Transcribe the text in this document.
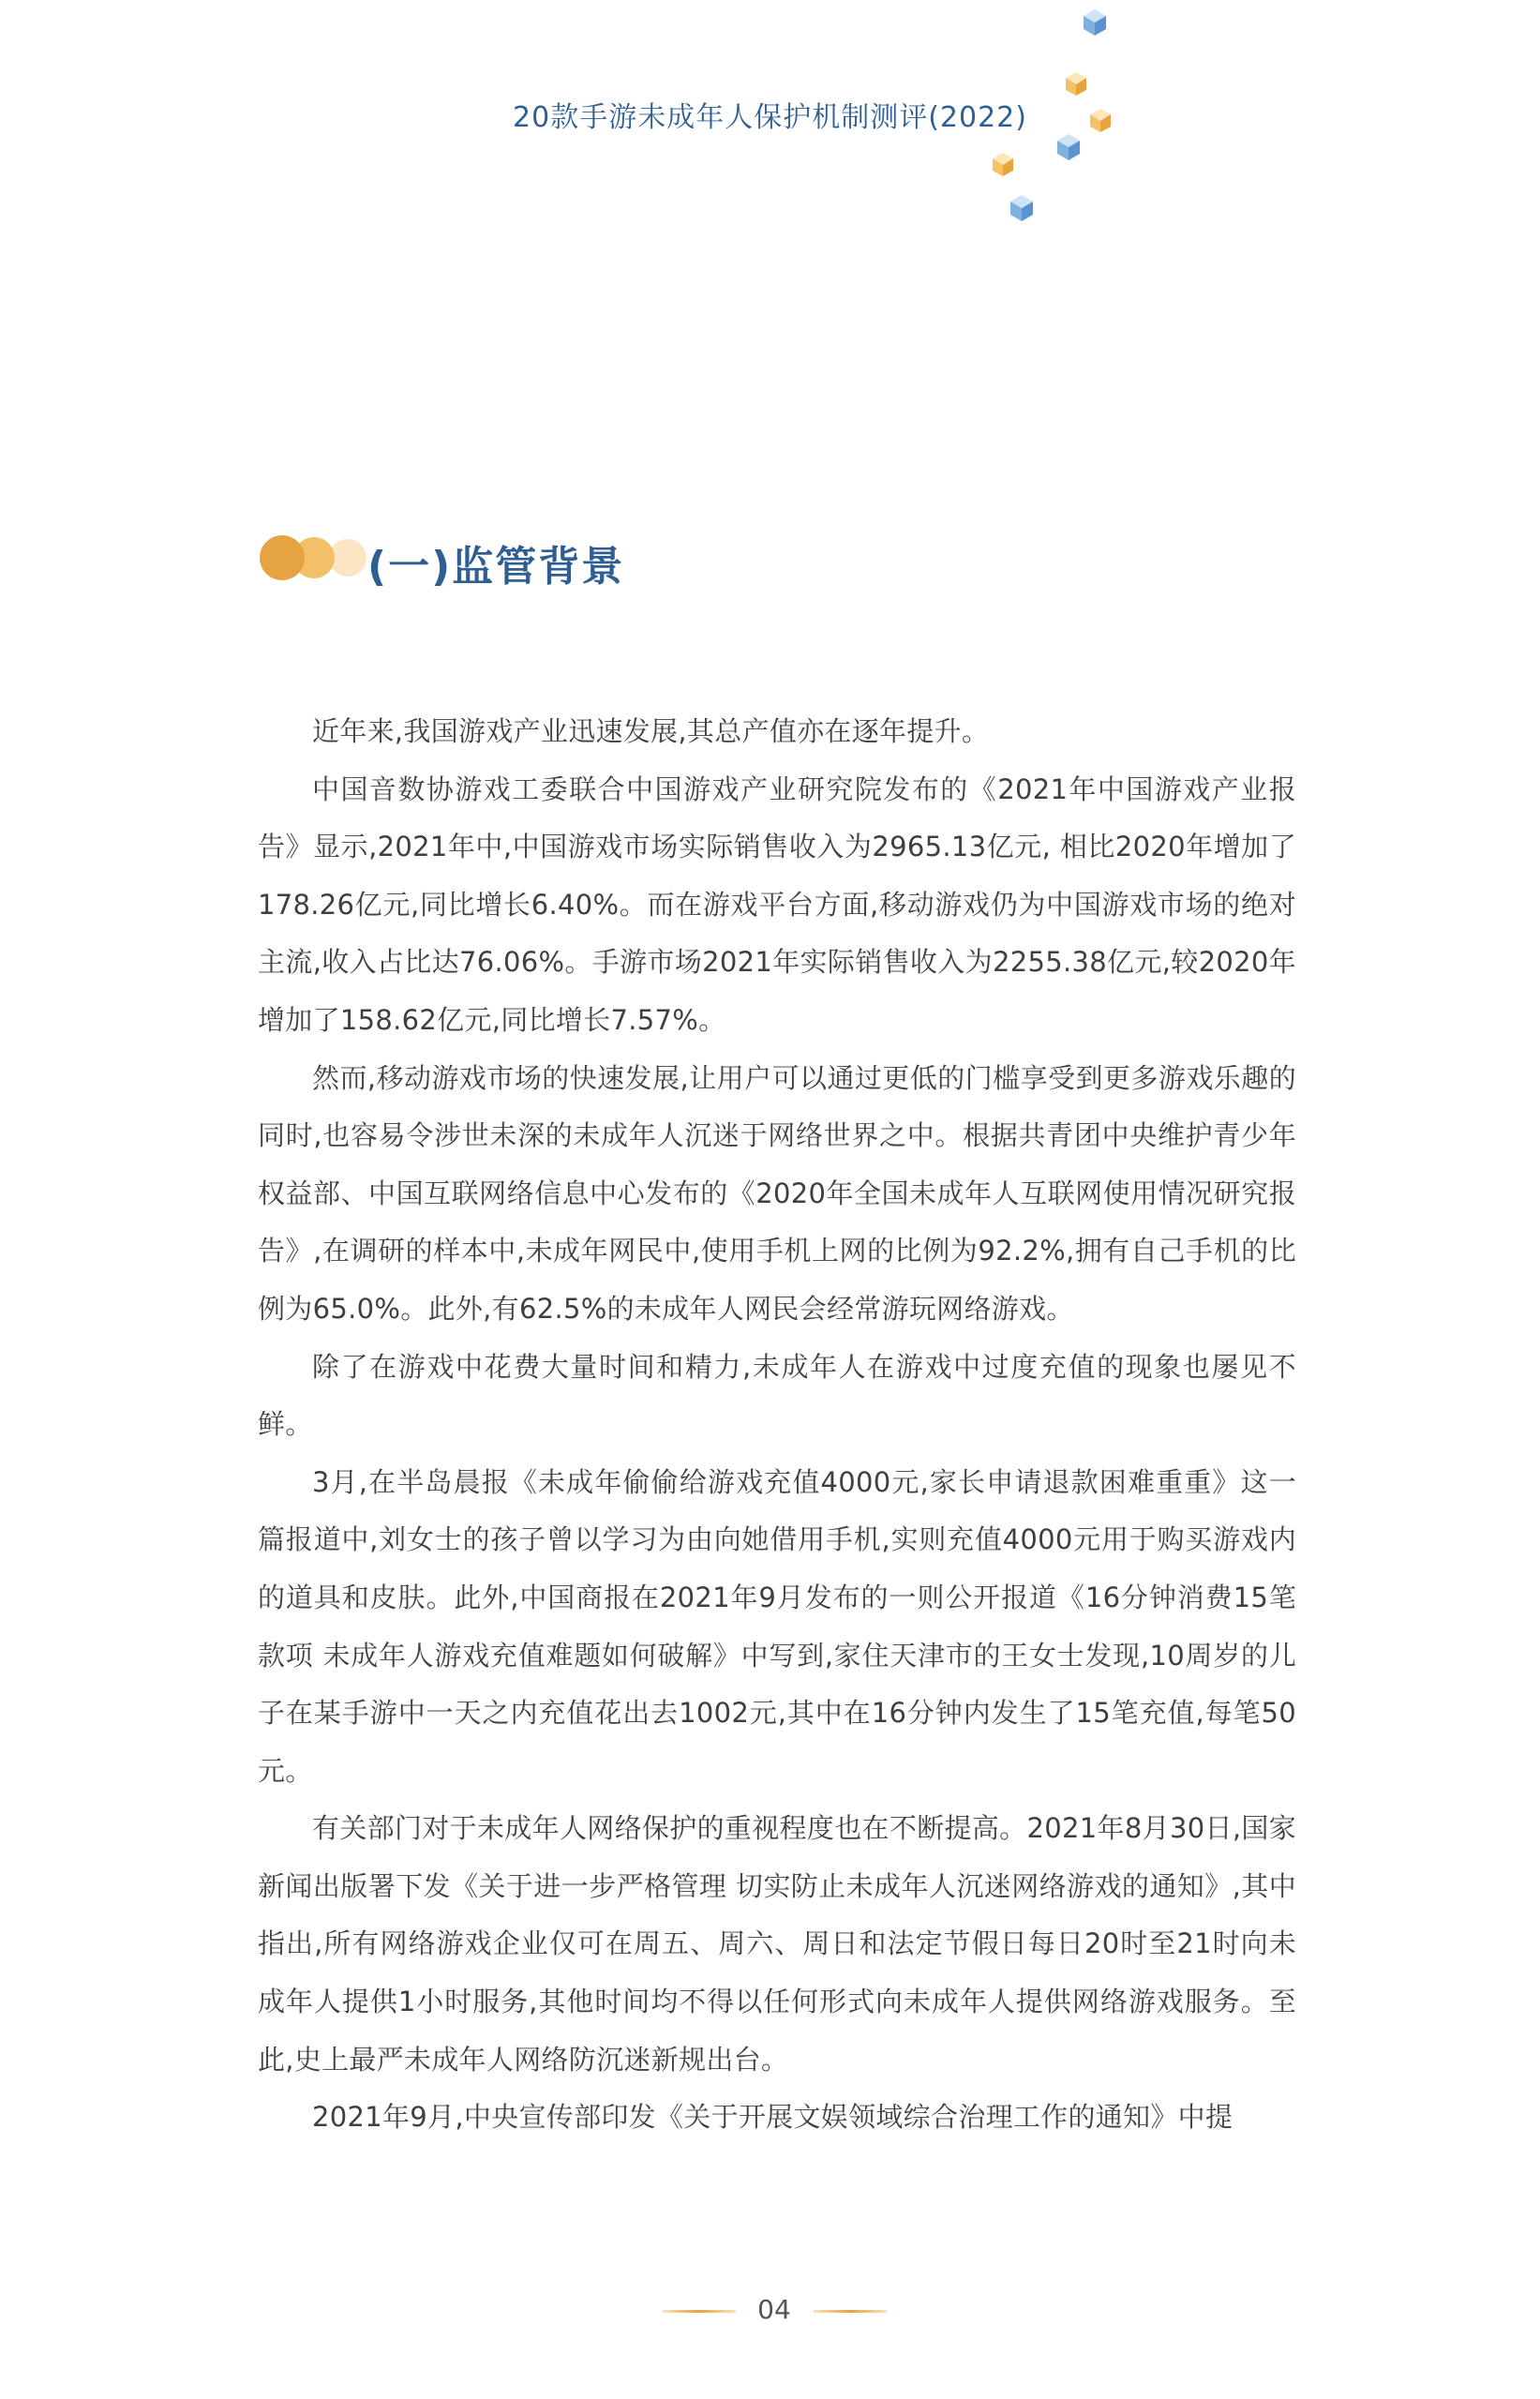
20款手游未成年人保护机制测评(2022)
(一)监管背景

近年来,我国游戏产业迅速发展,其总产值亦在逐年提升。

中国音数协游戏工委联合中国游戏产业研究院发布的《2021年中国游戏产业报告》显示,2021年中,中国游戏市场实际销售收入为2965.13亿元, 相比2020年增加了178.26亿元,同比增长6.40%。而在游戏平台方面,移动游戏仍为中国游戏市场的绝对主流,收入占比达76.06%。手游市场2021年实际销售收入为2255.38亿元,较2020年增加了158.62亿元,同比增长7.57%。

然而,移动游戏市场的快速发展,让用户可以通过更低的门槛享受到更多游戏乐趣的同时,也容易令涉世未深的未成年人沉迷于网络世界之中。根据共青团中央维护青少年权益部、中国互联网络信息中心发布的《2020年全国未成年人互联网使用情况研究报告》,在调研的样本中,未成年网民中,使用手机上网的比例为92.2%,拥有自己手机的比例为65.0%。此外,有62.5%的未成年人网民会经常游玩网络游戏。

除了在游戏中花费大量时间和精力,未成年人在游戏中过度充值的现象也屡见不鲜。

3月,在半岛晨报《未成年偷偷给游戏充值4000元,家长申请退款困难重重》这一篇报道中,刘女士的孩子曾以学习为由向她借用手机,实则充值4000元用于购买游戏内的道具和皮肤。此外,中国商报在2021年9月发布的一则公开报道《16分钟消费15笔款项 未成年人游戏充值难题如何破解》中写到,家住天津市的王女士发现,10周岁的儿子在某手游中一天之内充值花出去1002元,其中在16分钟内发生了15笔充值,每笔50元。

有关部门对于未成年人网络保护的重视程度也在不断提高。2021年8月30日,国家新闻出版署下发《关于进一步严格管理 切实防止未成年人沉迷网络游戏的通知》,其中指出,所有网络游戏企业仅可在周五、周六、周日和法定节假日每日20时至21时向未成年人提供1小时服务,其他时间均不得以任何形式向未成年人提供网络游戏服务。至此,史上最严未成年人网络防沉迷新规出台。

2021年9月,中央宣传部印发《关于开展文娱领域综合治理工作的通知》中提

04
